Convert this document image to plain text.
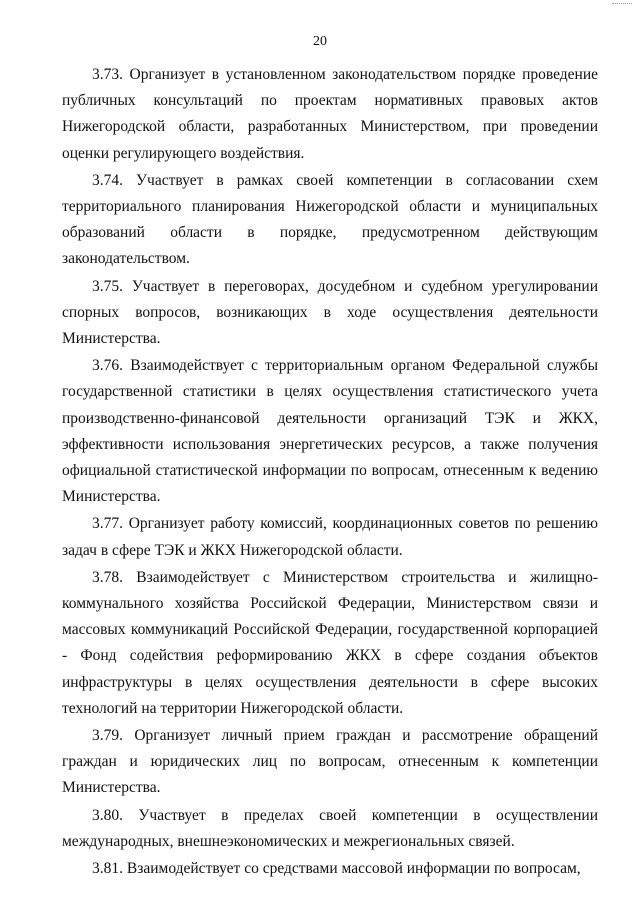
20

3.73. Организует в установленном законодательством порядке проведение публичных консультаций по проектам нормативных правовых актов Нижегородской области, разработанных Министерством, при проведении оценки регулирующего воздействия.

3.74. Участвует в рамках своей компетенции в согласовании схем территориального планирования Нижегородской области и муниципальных образований области в порядке, предусмотренном действующим законодательством.

3.75. Участвует в переговорах, досудебном и судебном урегулировании спорных вопросов, возникающих в ходе осуществления деятельности Министерства.

3.76. Взаимодействует с территориальным органом Федеральной службы государственной статистики в целях осуществления статистического учета производственно-финансовой деятельности организаций ТЭК и ЖКХ, эффективности использования энергетических ресурсов, а также получения официальной статистической информации по вопросам, отнесенным к ведению Министерства.

3.77. Организует работу комиссий, координационных советов по решению задач в сфере ТЭК и ЖКХ Нижегородской области.

3.78. Взаимодействует с Министерством строительства и жилищно-коммунального хозяйства Российской Федерации, Министерством связи и массовых коммуникаций Российской Федерации, государственной корпорацией - Фонд содействия реформированию ЖКХ в сфере создания объектов инфраструктуры в целях осуществления деятельности в сфере высоких технологий на территории Нижегородской области.

3.79. Организует личный прием граждан и рассмотрение обращений граждан и юридических лиц по вопросам, отнесенным к компетенции Министерства.

3.80. Участвует в пределах своей компетенции в осуществлении международных, внешнеэкономических и межрегиональных связей.

3.81. Взаимодействует со средствами массовой информации по вопросам,
